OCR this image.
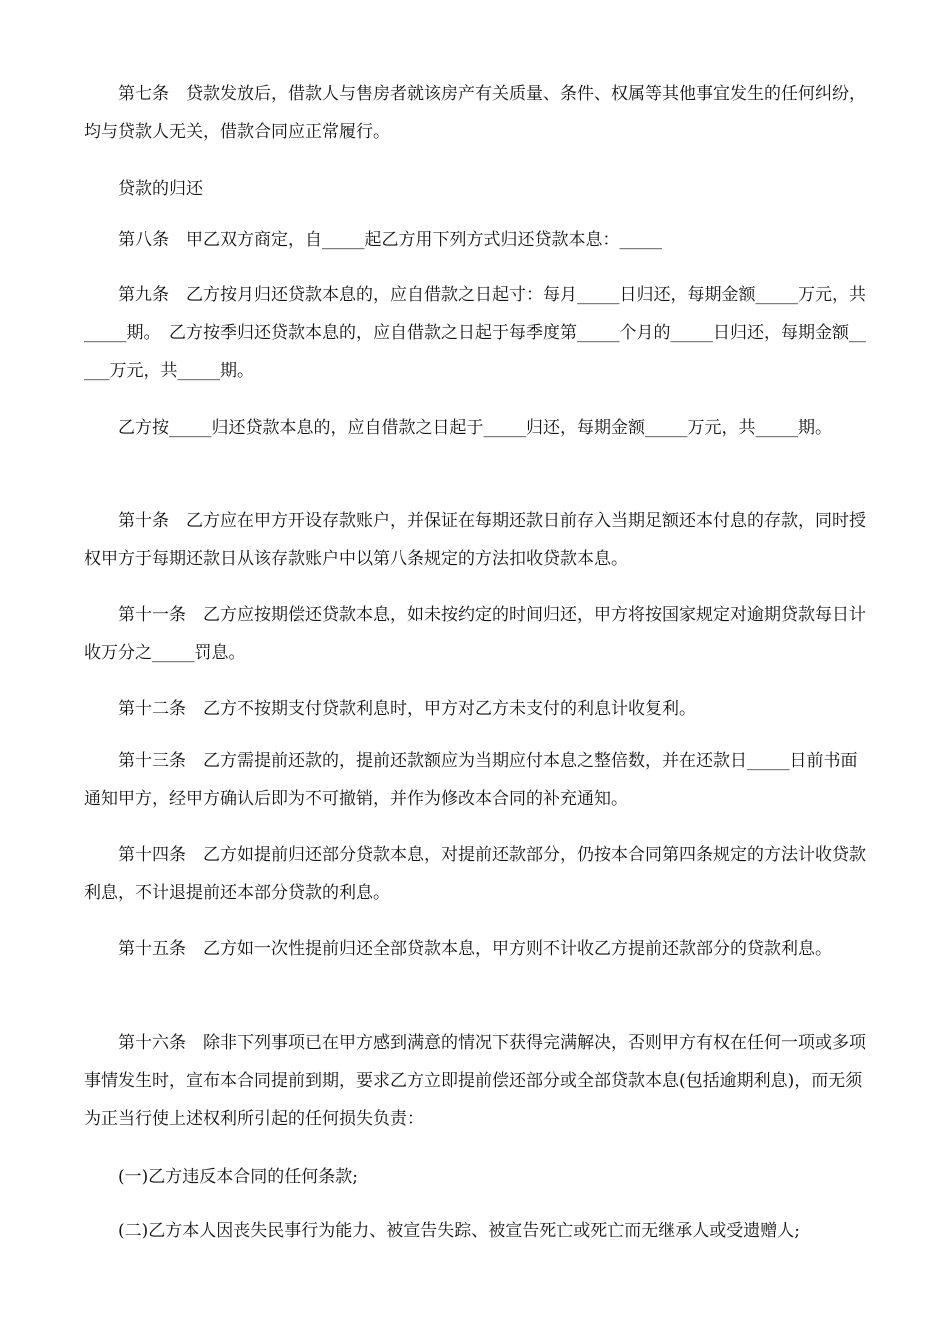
第七条　贷款发放后，借款人与售房者就该房产有关质量、条件、权属等其他事宜发生的任何纠纷，均与贷款人无关，借款合同应正常履行。

贷款的归还

第八条　甲乙双方商定，自_____起乙方用下列方式归还贷款本息：_____

第九条　乙方按月归还贷款本息的，应自借款之日起寸：每月_____日归还，每期金额_____万元，共_____期。　乙方按季归还贷款本息的，应自借款之日起于每季度第_____个月的_____日归还，每期金额_____万元，共_____期。

乙方按_____归还贷款本息的，应自借款之日起于_____归还，每期金额_____万元，共_____期。

第十条　乙方应在甲方开设存款账户，并保证在每期还款日前存入当期足额还本付息的存款，同时授权甲方于每期还款日从该存款账户中以第八条规定的方法扣收贷款本息。

第十一条　乙方应按期偿还贷款本息，如未按约定的时间归还，甲方将按国家规定对逾期贷款每日计收万分之_____罚息。

第十二条　乙方不按期支付贷款利息时，甲方对乙方未支付的利息计收复利。

第十三条　乙方需提前还款的，提前还款额应为当期应付本息之整倍数，并在还款日_____日前书面通知甲方，经甲方确认后即为不可撤销，并作为修改本合同的补充通知。

第十四条　乙方如提前归还部分贷款本息，对提前还款部分，仍按本合同第四条规定的方法计收贷款利息，不计退提前还本部分贷款的利息。

第十五条　乙方如一次性提前归还全部贷款本息，甲方则不计收乙方提前还款部分的贷款利息。

第十六条　除非下列事项已在甲方感到满意的情况下获得完满解决，否则甲方有权在任何一项或多项事情发生时，宣布本合同提前到期，要求乙方立即提前偿还部分或全部贷款本息(包括逾期利息)，而无须为正当行使上述权利所引起的任何损失负责：

(一)乙方违反本合同的任何条款;

(二)乙方本人因丧失民事行为能力、被宣告失踪、被宣告死亡或死亡而无继承人或受遗赠人;
